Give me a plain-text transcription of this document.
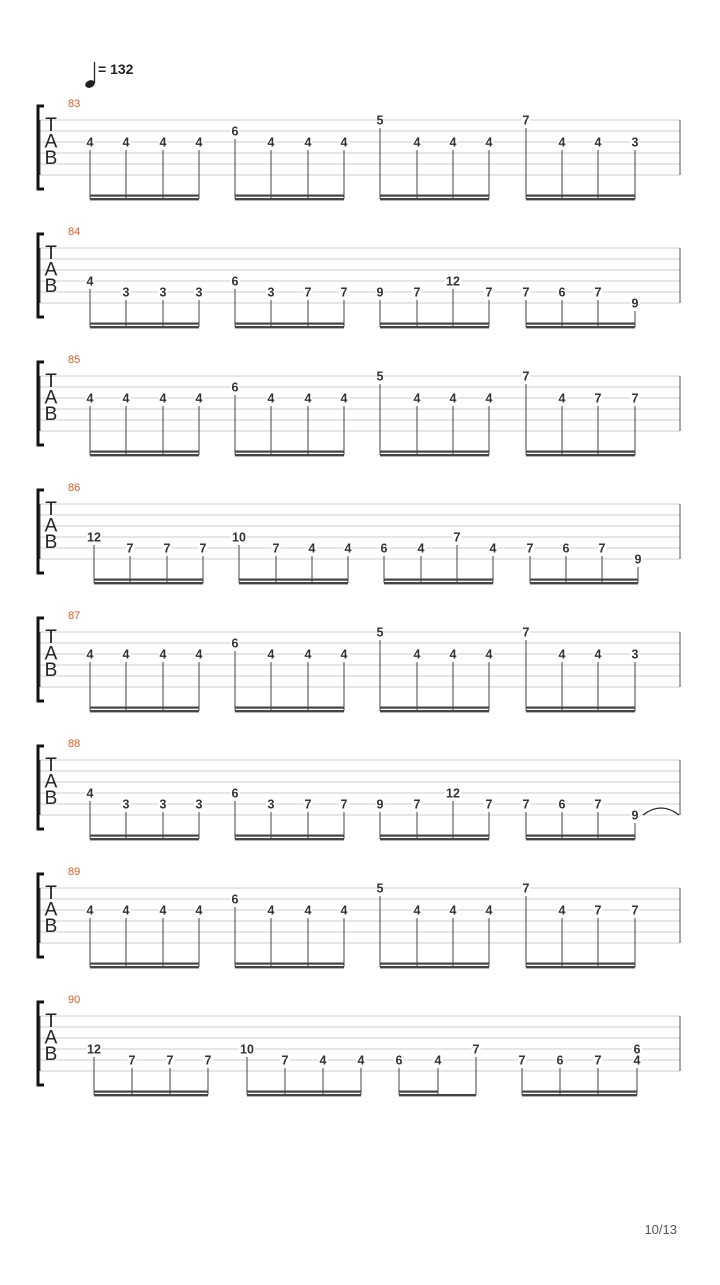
83
T
A
B
4 4 4 4
6
4 4 4
5
4 4 4
7
4 4 3
84
T
A
B 4
3 3 3
6
3 7 7 9 7
12
7 7 6 7
9
85
T
A
B
4 4 4 4
6
4 4 4
5
4 4 4
7
4 7 7
86
T
A
B 12
7 7 7
10
7 4 4 6 4
7
4 7 6 7
9
87
T
A
B
4 4 4 4
6
4 4 4
5
4 4 4
7
4 4 3
88
T
A
B 4
3 3 3
6
3 7 7 9 7
12
7 7 6 7
9
89
T
A
B
4 4 4 4
6
4 4 4
5
4 4 4
7
4 7 7
90
T
A
B 12
7 7 7
10
7 4 4 6	4
7
7 6 7	4
6
= 132
10/13
